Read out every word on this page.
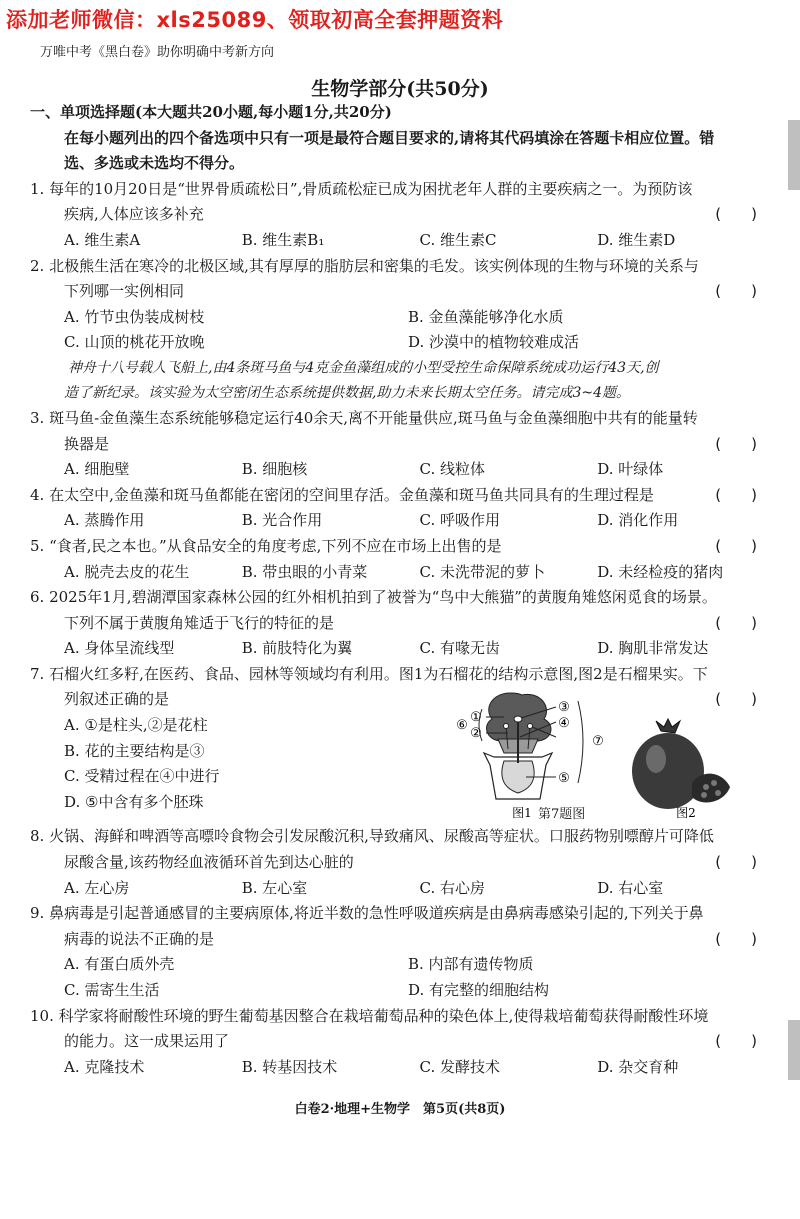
添加老师微信：xls25089、领取初高全套押题资料
万唯中考《黑白卷》助你明确中考新方向
生物学部分(共50分)
一、单项选择题(本大题共20小题,每小题1分,共20分)
在每小题列出的四个备选项中只有一项是最符合题目要求的,请将其代码填涂在答题卡相应位置。错
选、多选或未选均不得分。
1. 每年的10月20日是“世界骨质疏松日”,骨质疏松症已成为困扰老年人群的主要疾病之一。为预防该
疾病,人体应该多补充	(　　)
A. 维生素A	B. 维生素B₁	C. 维生素C	D. 维生素D
2. 北极熊生活在寒冷的北极区域,其有厚厚的脂肪层和密集的毛发。该实例体现的生物与环境的关系与
下列哪一实例相同	(　　)
A. 竹节虫伪装成树枝	B. 金鱼藻能够净化水质
C. 山顶的桃花开放晚	D. 沙漠中的植物较难成活
神舟十八号载人飞船上,由4条斑马鱼与4克金鱼藻组成的小型受控生命保障系统成功运行43天,创
造了新纪录。该实验为太空密闭生态系统提供数据,助力未来长期太空任务。请完成3~4题。
3. 斑马鱼-金鱼藻生态系统能够稳定运行40余天,离不开能量供应,斑马鱼与金鱼藻细胞中共有的能量转
换器是	(　　)
A. 细胞壁	B. 细胞核	C. 线粒体	D. 叶绿体
4. 在太空中,金鱼藻和斑马鱼都能在密闭的空间里存活。金鱼藻和斑马鱼共同具有的生理过程是	(　　)
A. 蒸腾作用	B. 光合作用	C. 呼吸作用	D. 消化作用
5. “食者,民之本也。”从食品安全的角度考虑,下列不应在市场上出售的是	(　　)
A. 脱壳去皮的花生	B. 带虫眼的小青菜	C. 未洗带泥的萝卜	D. 未经检疫的猪肉
6. 2025年1月,碧湖潭国家森林公园的红外相机拍到了被誉为“鸟中大熊猫”的黄腹角雉悠闲觅食的场景。
下列不属于黄腹角雉适于飞行的特征的是	(　　)
A. 身体呈流线型	B. 前肢特化为翼	C. 有喙无齿	D. 胸肌非常发达
7. 石榴火红多籽,在医药、食品、园林等领域均有利用。图1为石榴花的结构示意图,图2是石榴果实。下
列叙述正确的是
A. ①是柱头,②是花柱
B. 花的主要结构是③
C. 受精过程在④中进行
D. ⑤中含有多个胚珠
(　　)
③
④
⑤
①
②
⑥
⑦
图1	图2
第7题图
8. 火锅、海鲜和啤酒等高嘌呤食物会引发尿酸沉积,导致痛风、尿酸高等症状。口服药物别嘌醇片可降低
尿酸含量,该药物经血液循环首先到达心脏的	(　　)
A. 左心房	B. 左心室	C. 右心房	D. 右心室
9. 鼻病毒是引起普通感冒的主要病原体,将近半数的急性呼吸道疾病是由鼻病毒感染引起的,下列关于鼻
病毒的说法不正确的是	(　　)
A. 有蛋白质外壳	B. 内部有遗传物质
C. 需寄生生活	D. 有完整的细胞结构
10. 科学家将耐酸性环境的野生葡萄基因整合在栽培葡萄品种的染色体上,使得栽培葡萄获得耐酸性环境
的能力。这一成果运用了	(　　)
A. 克隆技术	B. 转基因技术	C. 发酵技术	D. 杂交育种
白卷2·地理+生物学　第5页(共8页)
